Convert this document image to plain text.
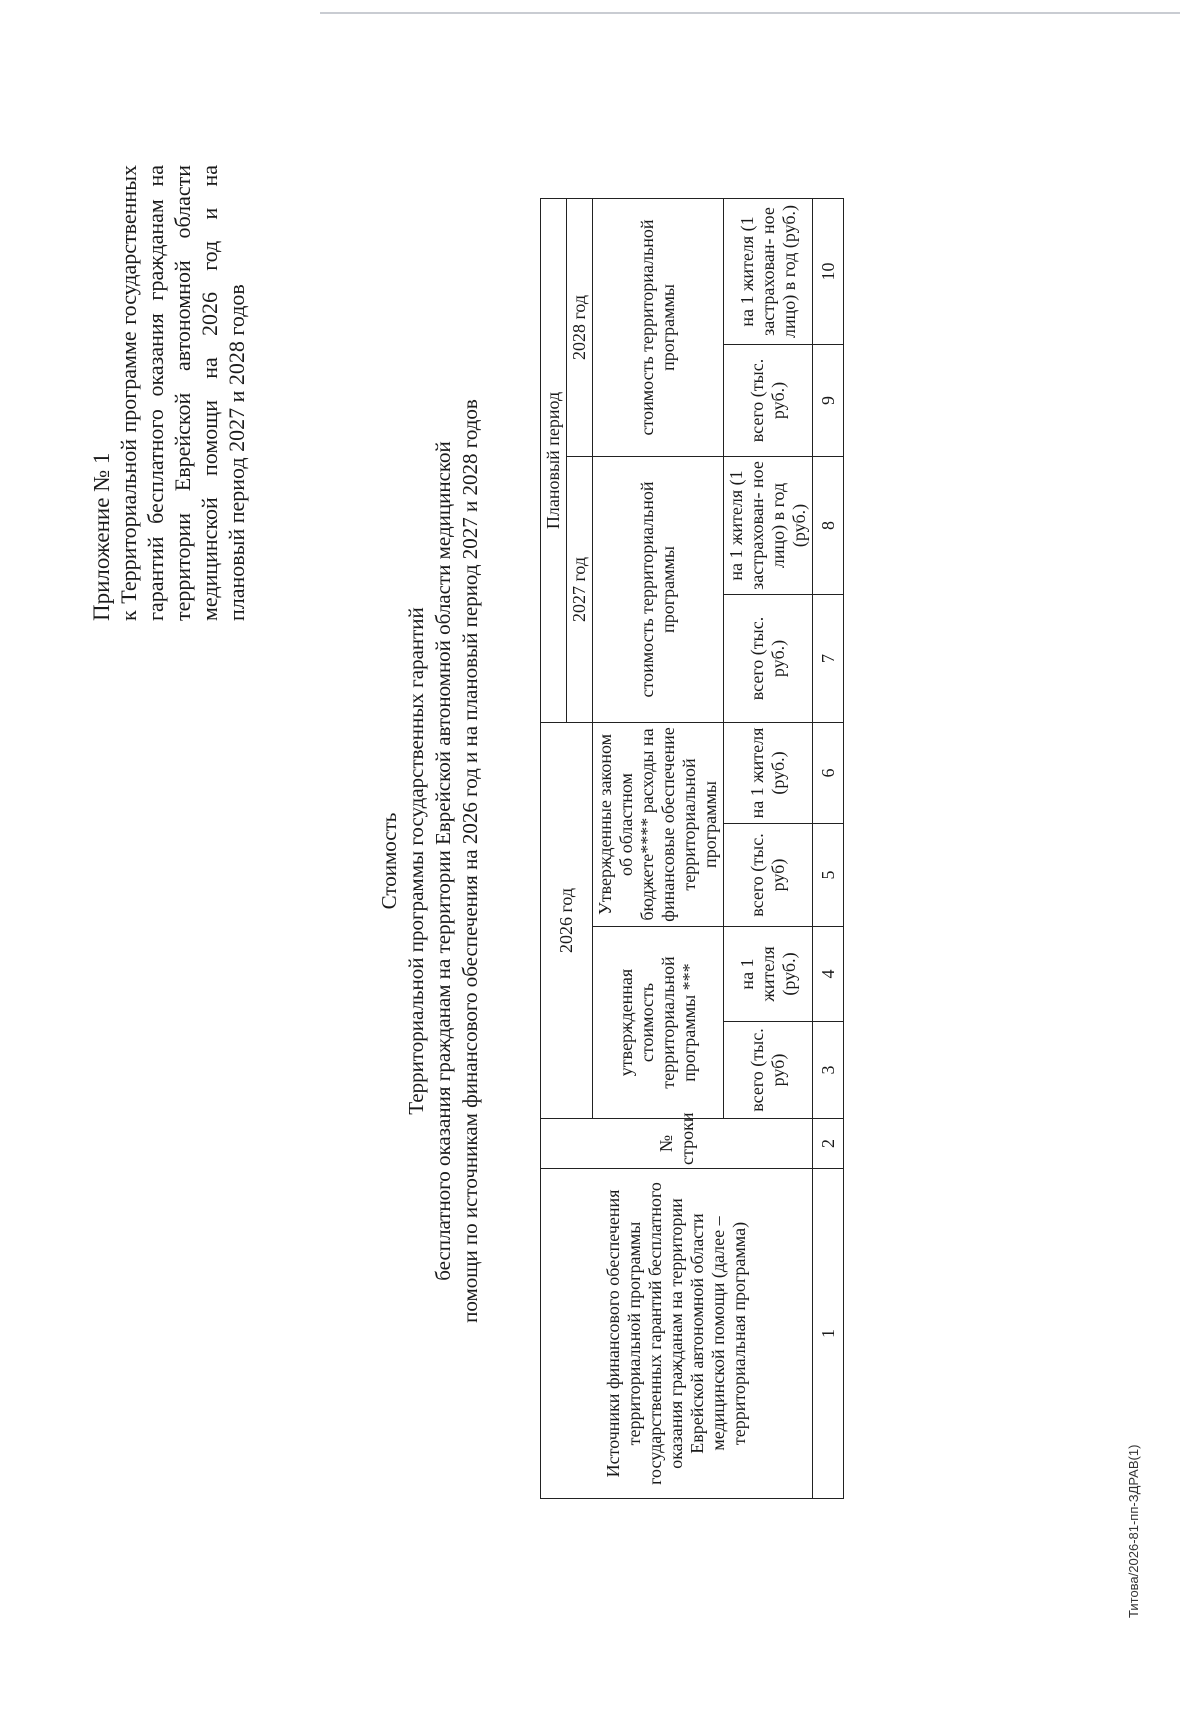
Приложение № 1 к Территориальной программе государственных гарантий бесплатного оказания гражданам на территории Еврейской автономной области медицинской помощи на 2026 год и на плановый период 2027 и 2028 годов
Стоимость Территориальной программы государственных гарантий бесплатного оказания гражданам на территории Еврейской автономной области медицинской помощи по источникам финансового обеспечения на 2026 год и на плановый период 2027 и 2028 годов
Источники финансового обеспечения территориальной программы государственных гарантий бесплатного оказания гражданам на территории Еврейской автономной области медицинской помощи (далее – территориальная программа)	№ строки	2026 год				Плановый период			
						2027 год		2028 год	
		утвержденная стоимость территориальной программы ***		Утвержденные законом об областном бюджете**** расходы на финансовые обеспечение территориальной программы		стоимость территориальной программы		стоимость территориальной программы	
		всего (тыс. руб)	на 1 жителя (руб.)	всего (тыс. руб)	на 1 жителя (руб.)	всего (тыс. руб.)	на 1 жителя (1 застрахован- ное лицо) в год (руб.)	всего (тыс. руб.)	на 1 жителя (1 застрахован- ное лицо) в год (руб.)
1	2	3	4	5	6	7	8	9	10
Титова/2026-81-пп-ЗДРАВ(1)
